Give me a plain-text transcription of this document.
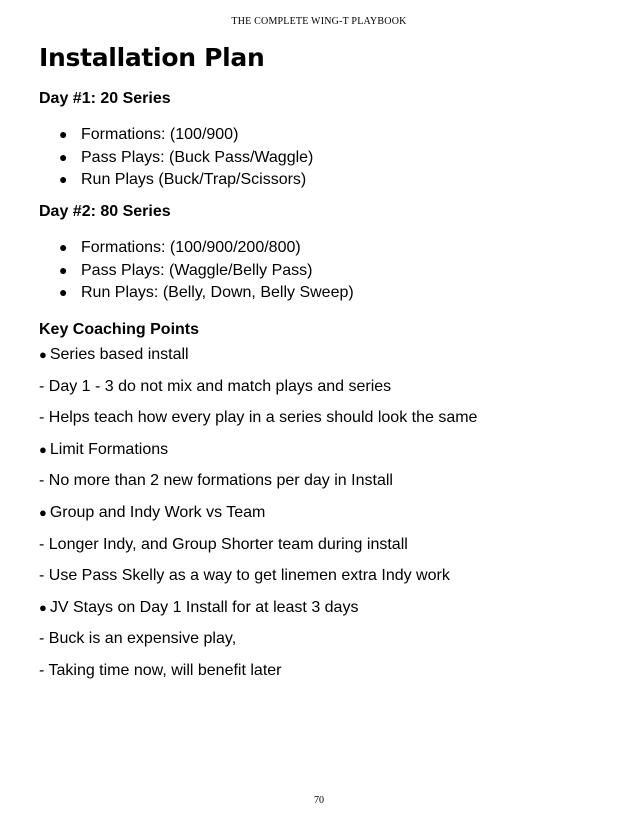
THE COMPLETE WING-T PLAYBOOK
Installation Plan
Day #1: 20 Series
● Formations: (100/900)
● Pass Plays: (Buck Pass/Waggle)
● Run Plays (Buck/Trap/Scissors)
Day #2: 80 Series
● Formations: (100/900/200/800)
● Pass Plays: (Waggle/Belly Pass)
● Run Plays: (Belly, Down, Belly Sweep)
Key Coaching Points
● Series based install
- Day 1 - 3 do not mix and match plays and series
- Helps teach how every play in a series should look the same
● Limit Formations
- No more than 2 new formations per day in Install
● Group and Indy Work vs Team
- Longer Indy, and Group Shorter team during install
- Use Pass Skelly as a way to get linemen extra Indy work
● JV Stays on Day 1 Install for at least 3 days
- Buck is an expensive play,
- Taking time now, will benefit later
70
